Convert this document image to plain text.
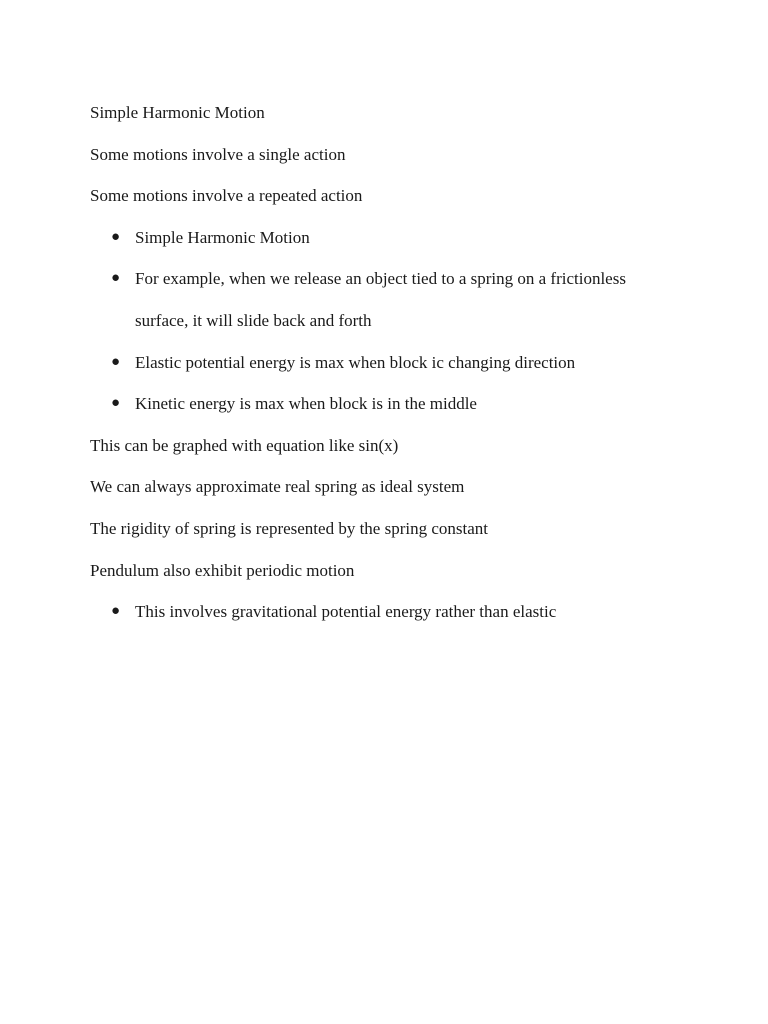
Simple Harmonic Motion

Some motions involve a single action

Some motions involve a repeated action

● Simple Harmonic Motion
● For example, when we release an object tied to a spring on a frictionless surface, it will slide back and forth
● Elastic potential energy is max when block ic changing direction
● Kinetic energy is max when block is in the middle

This can be graphed with equation like sin(x)

We can always approximate real spring as ideal system

The rigidity of spring is represented by the spring constant

Pendulum also exhibit periodic motion

● This involves gravitational potential energy rather than elastic
